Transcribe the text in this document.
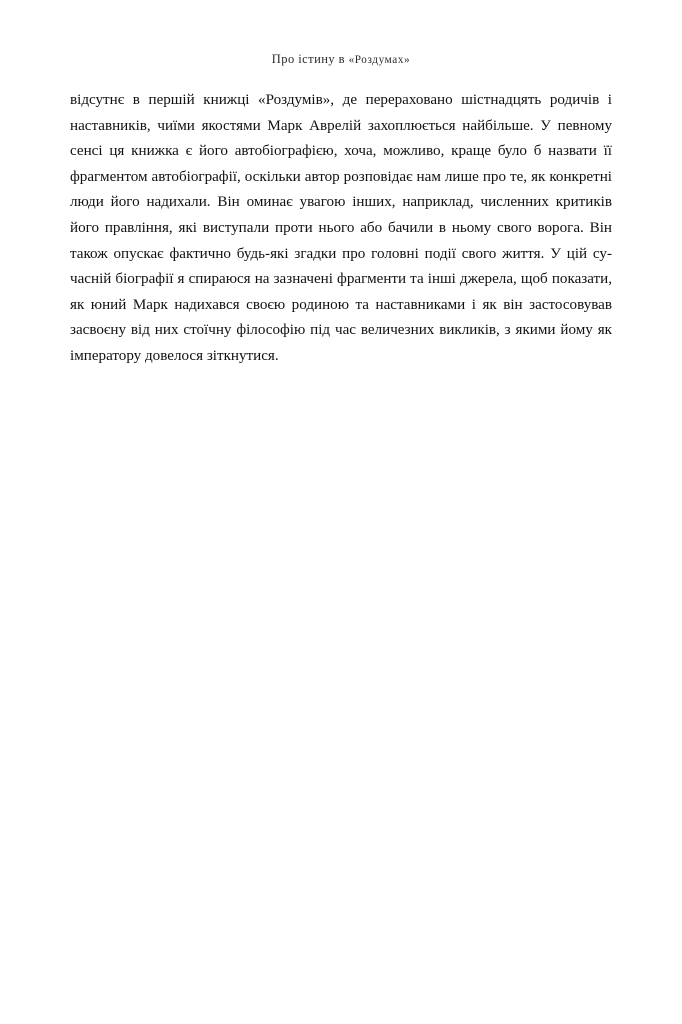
Про істину в «Роздумах»

відсутнє в першій книжці «Роздумів», де перераховано шістнадцять родичів і наставників, чиїми якостями Марк Аврелій захоплюється найбільше. У певному сенсі ця книжка є його автобіографією, хоча, можливо, краще було б назвати її фрагментом автобіографії, оскільки автор розповідає нам лише про те, як конкретні люди його надихали. Він оминає увагою інших, наприклад, численних критиків його правління, які виступали проти нього або бачили в ньому свого ворога. Він також опускає фактично будь-які згадки про головні події свого життя. У цій сучасній біографії я спираюся на зазначені фрагменти та інші джерела, щоб показати, як юний Марк надихався своєю родиною та наставниками і як він застосовував засвоєну від них стоїчну філософію під час величезних викликів, з якими йому як імператору довелося зіткнутися.
